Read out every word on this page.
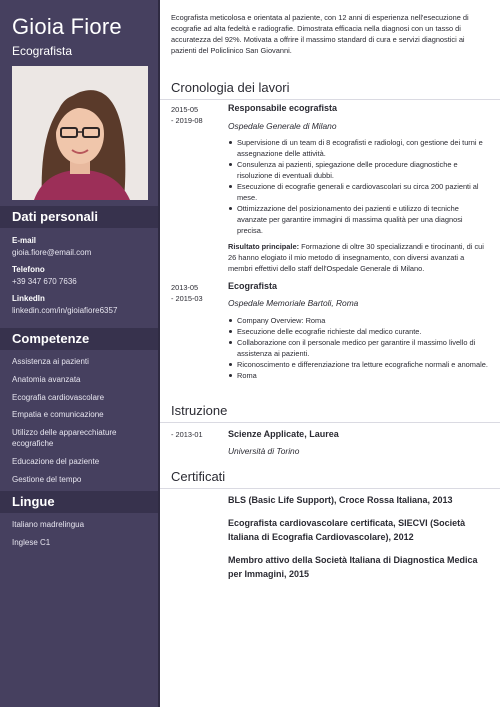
Gioia Fiore
Ecografista
Dati personali
E-mail
gioia.fiore@email.com
Telefono
+39 347 670 7636
LinkedIn
linkedin.com/in/gioiafiore6357
Competenze
Assistenza ai pazienti
Anatomia avanzata
Ecografia cardiovascolare
Empatia e comunicazione
Utilizzo delle apparecchiature ecografiche
Educazione del paziente
Gestione del tempo
Lingue
Italiano madrelingua
Inglese C1
Ecografista meticolosa e orientata al paziente, con 12 anni di esperienza nell'esecuzione di ecografie ad alta fedeltà e radiografie. Dimostrata efficacia nella diagnosi con un tasso di accuratezza del 92%. Motivata a offrire il massimo standard di cura e servizi diagnostici ai pazienti del Policlinico San Giovanni.
Cronologia dei lavori
2015-05
- 2019-08
Responsabile ecografista
Ospedale Generale di Milano
Supervisione di un team di 8 ecografisti e radiologi, con gestione dei turni e assegnazione delle attività.
Consulenza ai pazienti, spiegazione delle procedure diagnostiche e risoluzione di eventuali dubbi.
Esecuzione di ecografie generali e cardiovascolari su circa 200 pazienti al mese.
Ottimizzazione del posizionamento dei pazienti e utilizzo di tecniche avanzate per garantire immagini di massima qualità per una diagnosi precisa.
Risultato principale: Formazione di oltre 30 specializzandi e tirocinanti, di cui 26 hanno elogiato il mio metodo di insegnamento, con diversi avanzati a membri effettivi dello staff dell'Ospedale Generale di Milano.
2013-05
- 2015-03
Ecografista
Ospedale Memoriale Bartoli, Roma
Company Overview: Roma
Esecuzione delle ecografie richieste dal medico curante.
Collaborazione con il personale medico per garantire il massimo livello di assistenza ai pazienti.
Riconoscimento e differenziazione tra letture ecografiche normali e anomale.
Roma
Istruzione
- 2013-01	Scienze Applicate, Laurea
Università di Torino
Certificati
BLS (Basic Life Support), Croce Rossa Italiana, 2013
Ecografista cardiovascolare certificata, SIECVI (Società Italiana di Ecografia Cardiovascolare), 2012
Membro attivo della Società Italiana di Diagnostica Medica per Immagini, 2015
